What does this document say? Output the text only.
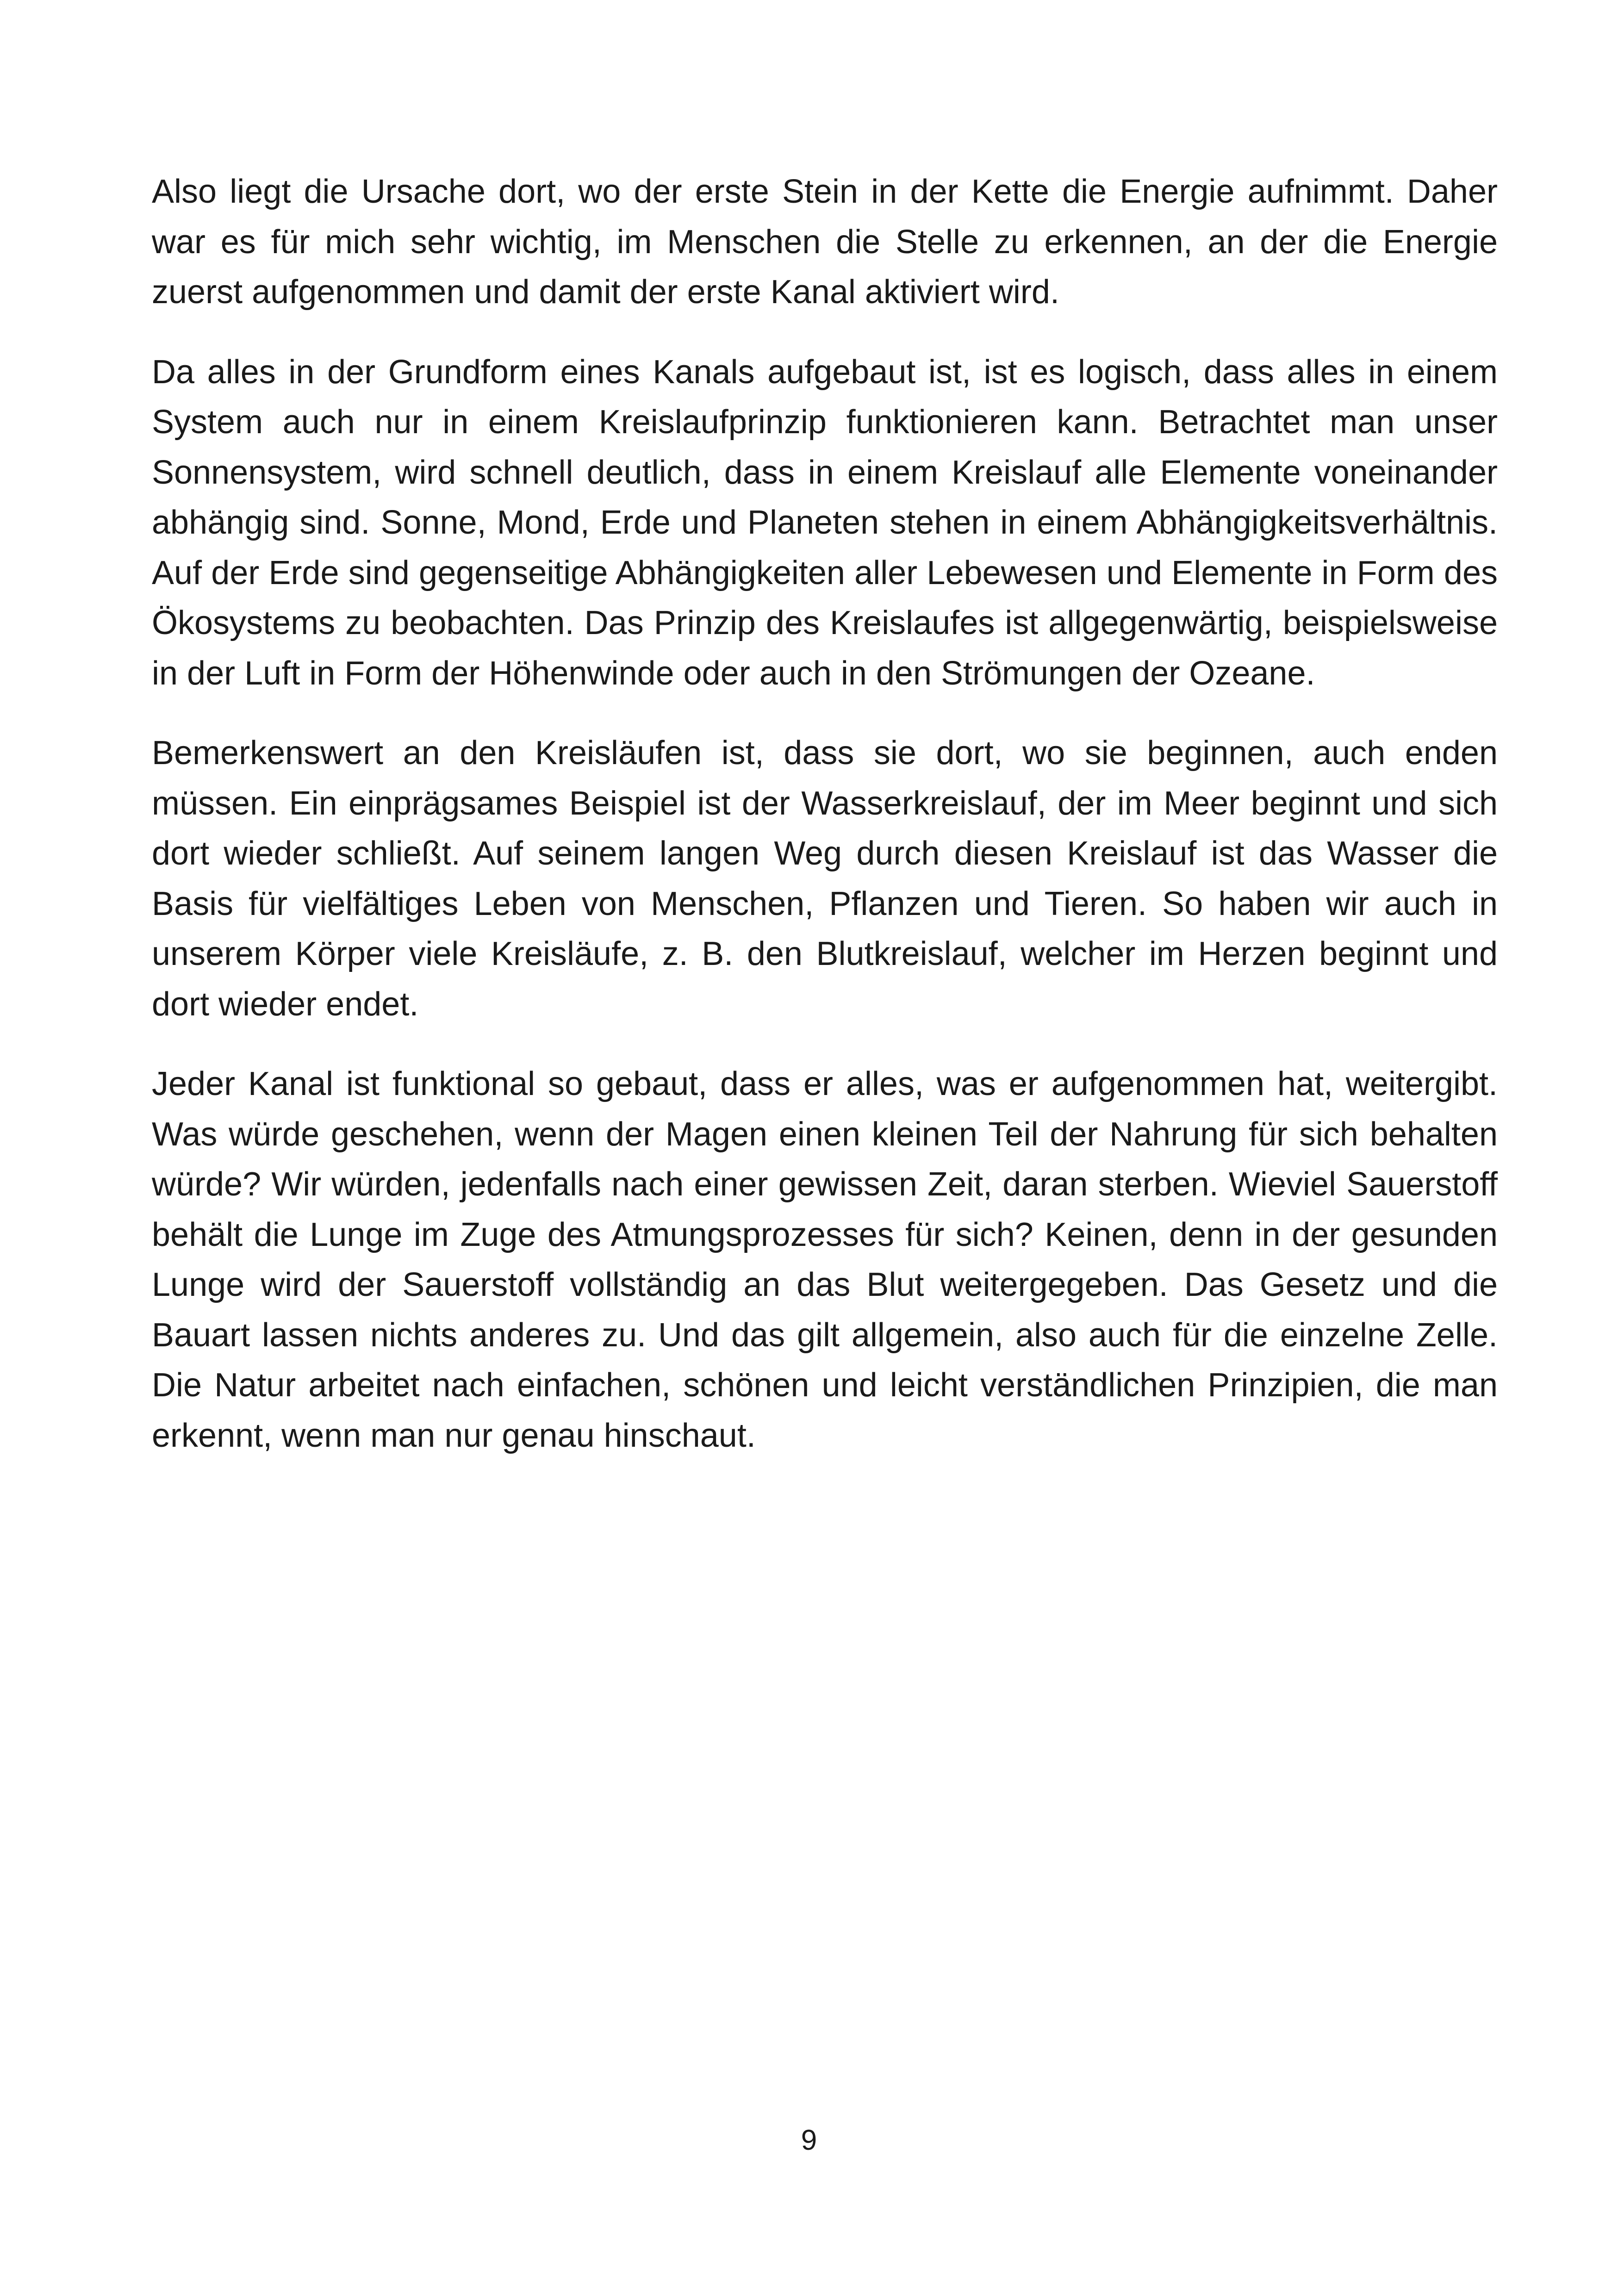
Also liegt die Ursache dort, wo der erste Stein in der Kette die Energie aufnimmt. Daher war es für mich sehr wichtig, im Menschen die Stelle zu erkennen, an der die Energie zuerst aufgenommen und damit der erste Kanal aktiviert wird.

Da alles in der Grundform eines Kanals aufgebaut ist, ist es logisch, dass alles in einem System auch nur in einem Kreislaufprinzip funktionieren kann. Betrachtet man unser Sonnensystem, wird schnell deutlich, dass in einem Kreislauf alle Elemente voneinander abhängig sind. Sonne, Mond, Erde und Planeten stehen in einem Abhängigkeitsverhältnis. Auf der Erde sind gegenseitige Abhängigkeiten aller Lebewesen und Elemente in Form des Ökosystems zu beobachten. Das Prinzip des Kreislaufes ist allgegenwärtig, beispielsweise in der Luft in Form der Höhenwinde oder auch in den Strömungen der Ozeane.

Bemerkenswert an den Kreisläufen ist, dass sie dort, wo sie beginnen, auch enden müssen. Ein einprägsames Beispiel ist der Wasserkreislauf, der im Meer beginnt und sich dort wieder schließt. Auf seinem langen Weg durch diesen Kreislauf ist das Wasser die Basis für vielfältiges Leben von Menschen, Pflanzen und Tieren. So haben wir auch in unserem Körper viele Kreisläufe, z. B. den Blutkreislauf, welcher im Herzen beginnt und dort wieder endet.

Jeder Kanal ist funktional so gebaut, dass er alles, was er aufgenommen hat, weitergibt. Was würde geschehen, wenn der Magen einen kleinen Teil der Nahrung für sich behalten würde? Wir würden, jedenfalls nach einer gewissen Zeit, daran sterben. Wieviel Sauerstoff behält die Lunge im Zuge des Atmungsprozesses für sich? Keinen, denn in der gesunden Lunge wird der Sauerstoff vollständig an das Blut weitergegeben. Das Gesetz und die Bauart lassen nichts anderes zu. Und das gilt allgemein, also auch für die einzelne Zelle. Die Natur arbeitet nach einfachen, schönen und leicht verständlichen Prinzipien, die man erkennt, wenn man nur genau hinschaut.

9
